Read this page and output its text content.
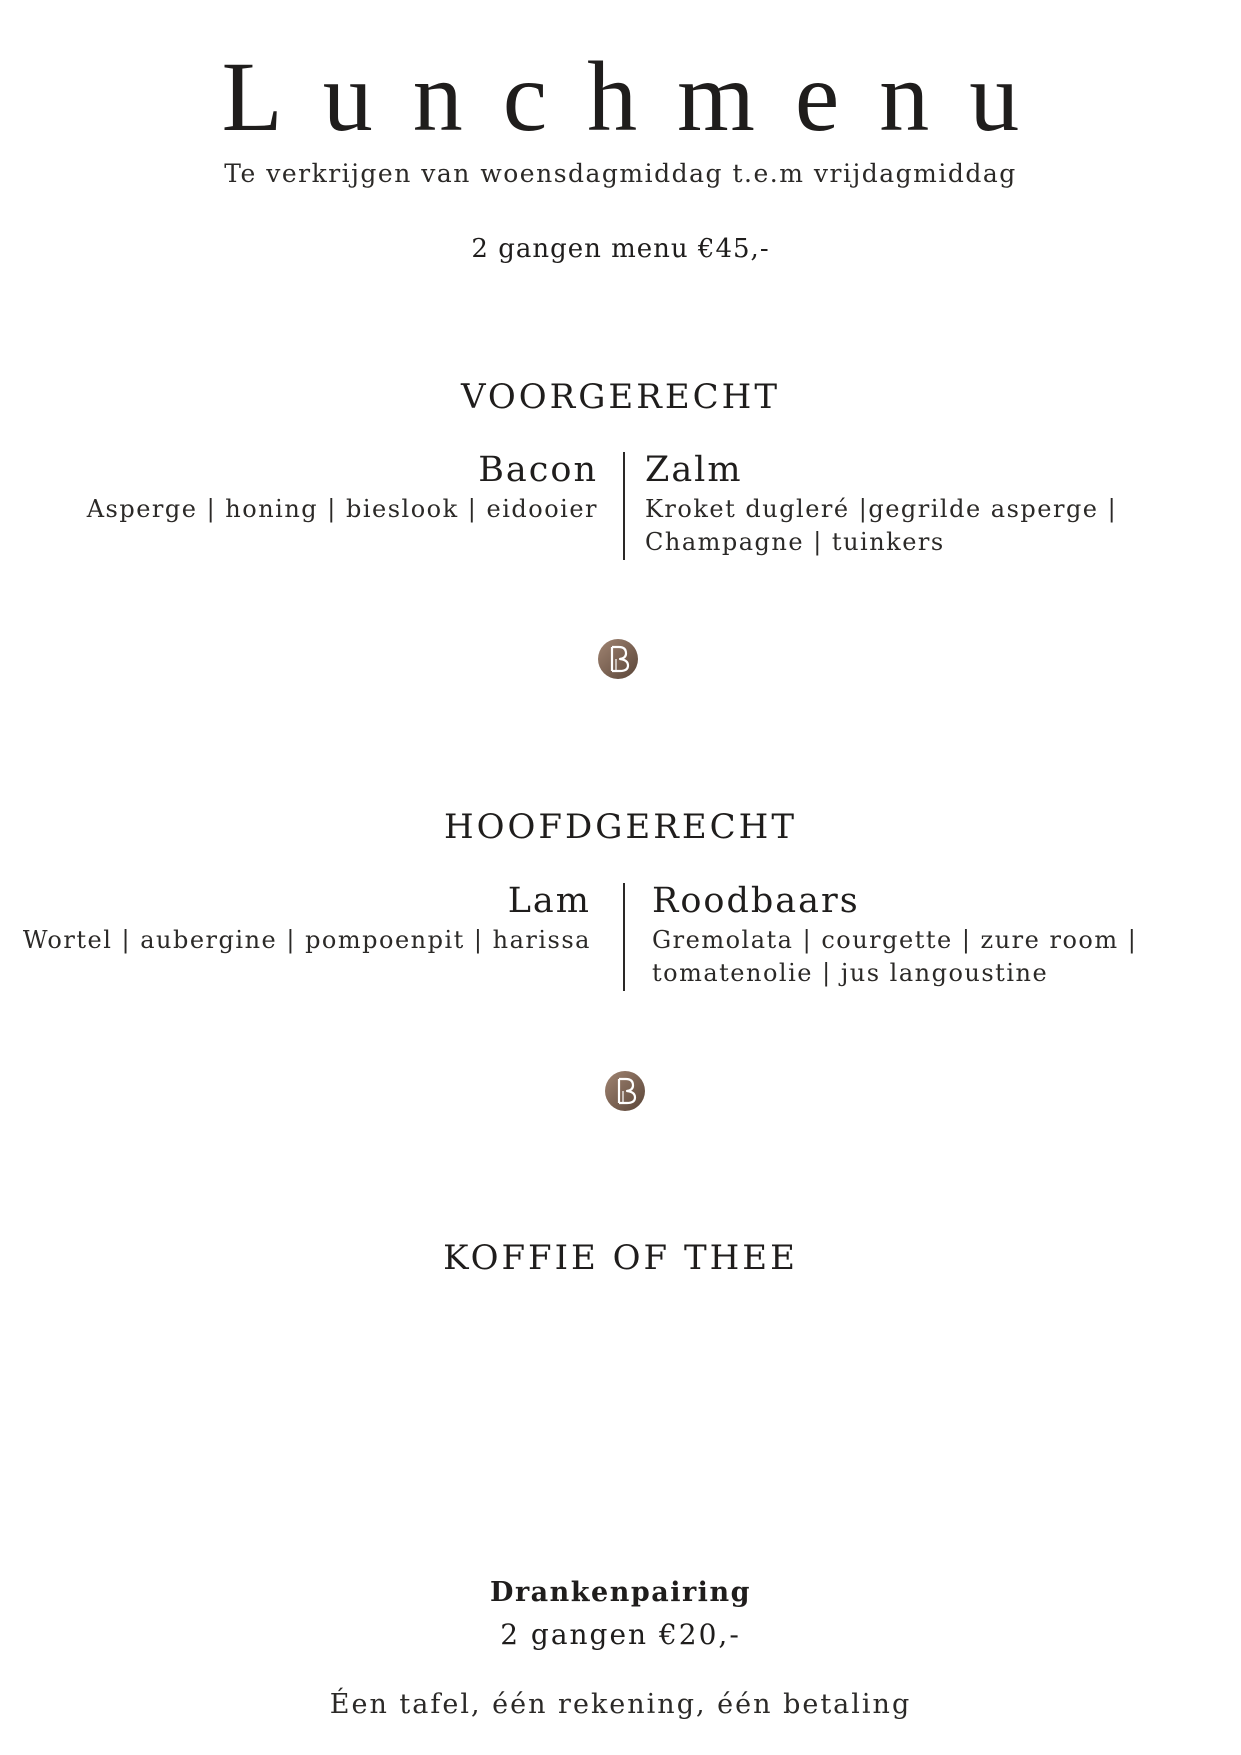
Lunchmenu
Te verkrijgen van woensdagmiddag t.e.m vrijdagmiddag
2 gangen menu €45,-
VOORGERECHT
Bacon
Asperge | honing | bieslook | eidooier
Zalm
Kroket dugleré |gegrilde asperge |
Champagne | tuinkers
HOOFDGERECHT
Lam
Wortel | aubergine | pompoenpit | harissa
Roodbaars
Gremolata | courgette | zure room |
tomatenolie | jus langoustine
KOFFIE OF THEE
Drankenpairing
2 gangen €20,-
Éen tafel, één rekening, één betaling
